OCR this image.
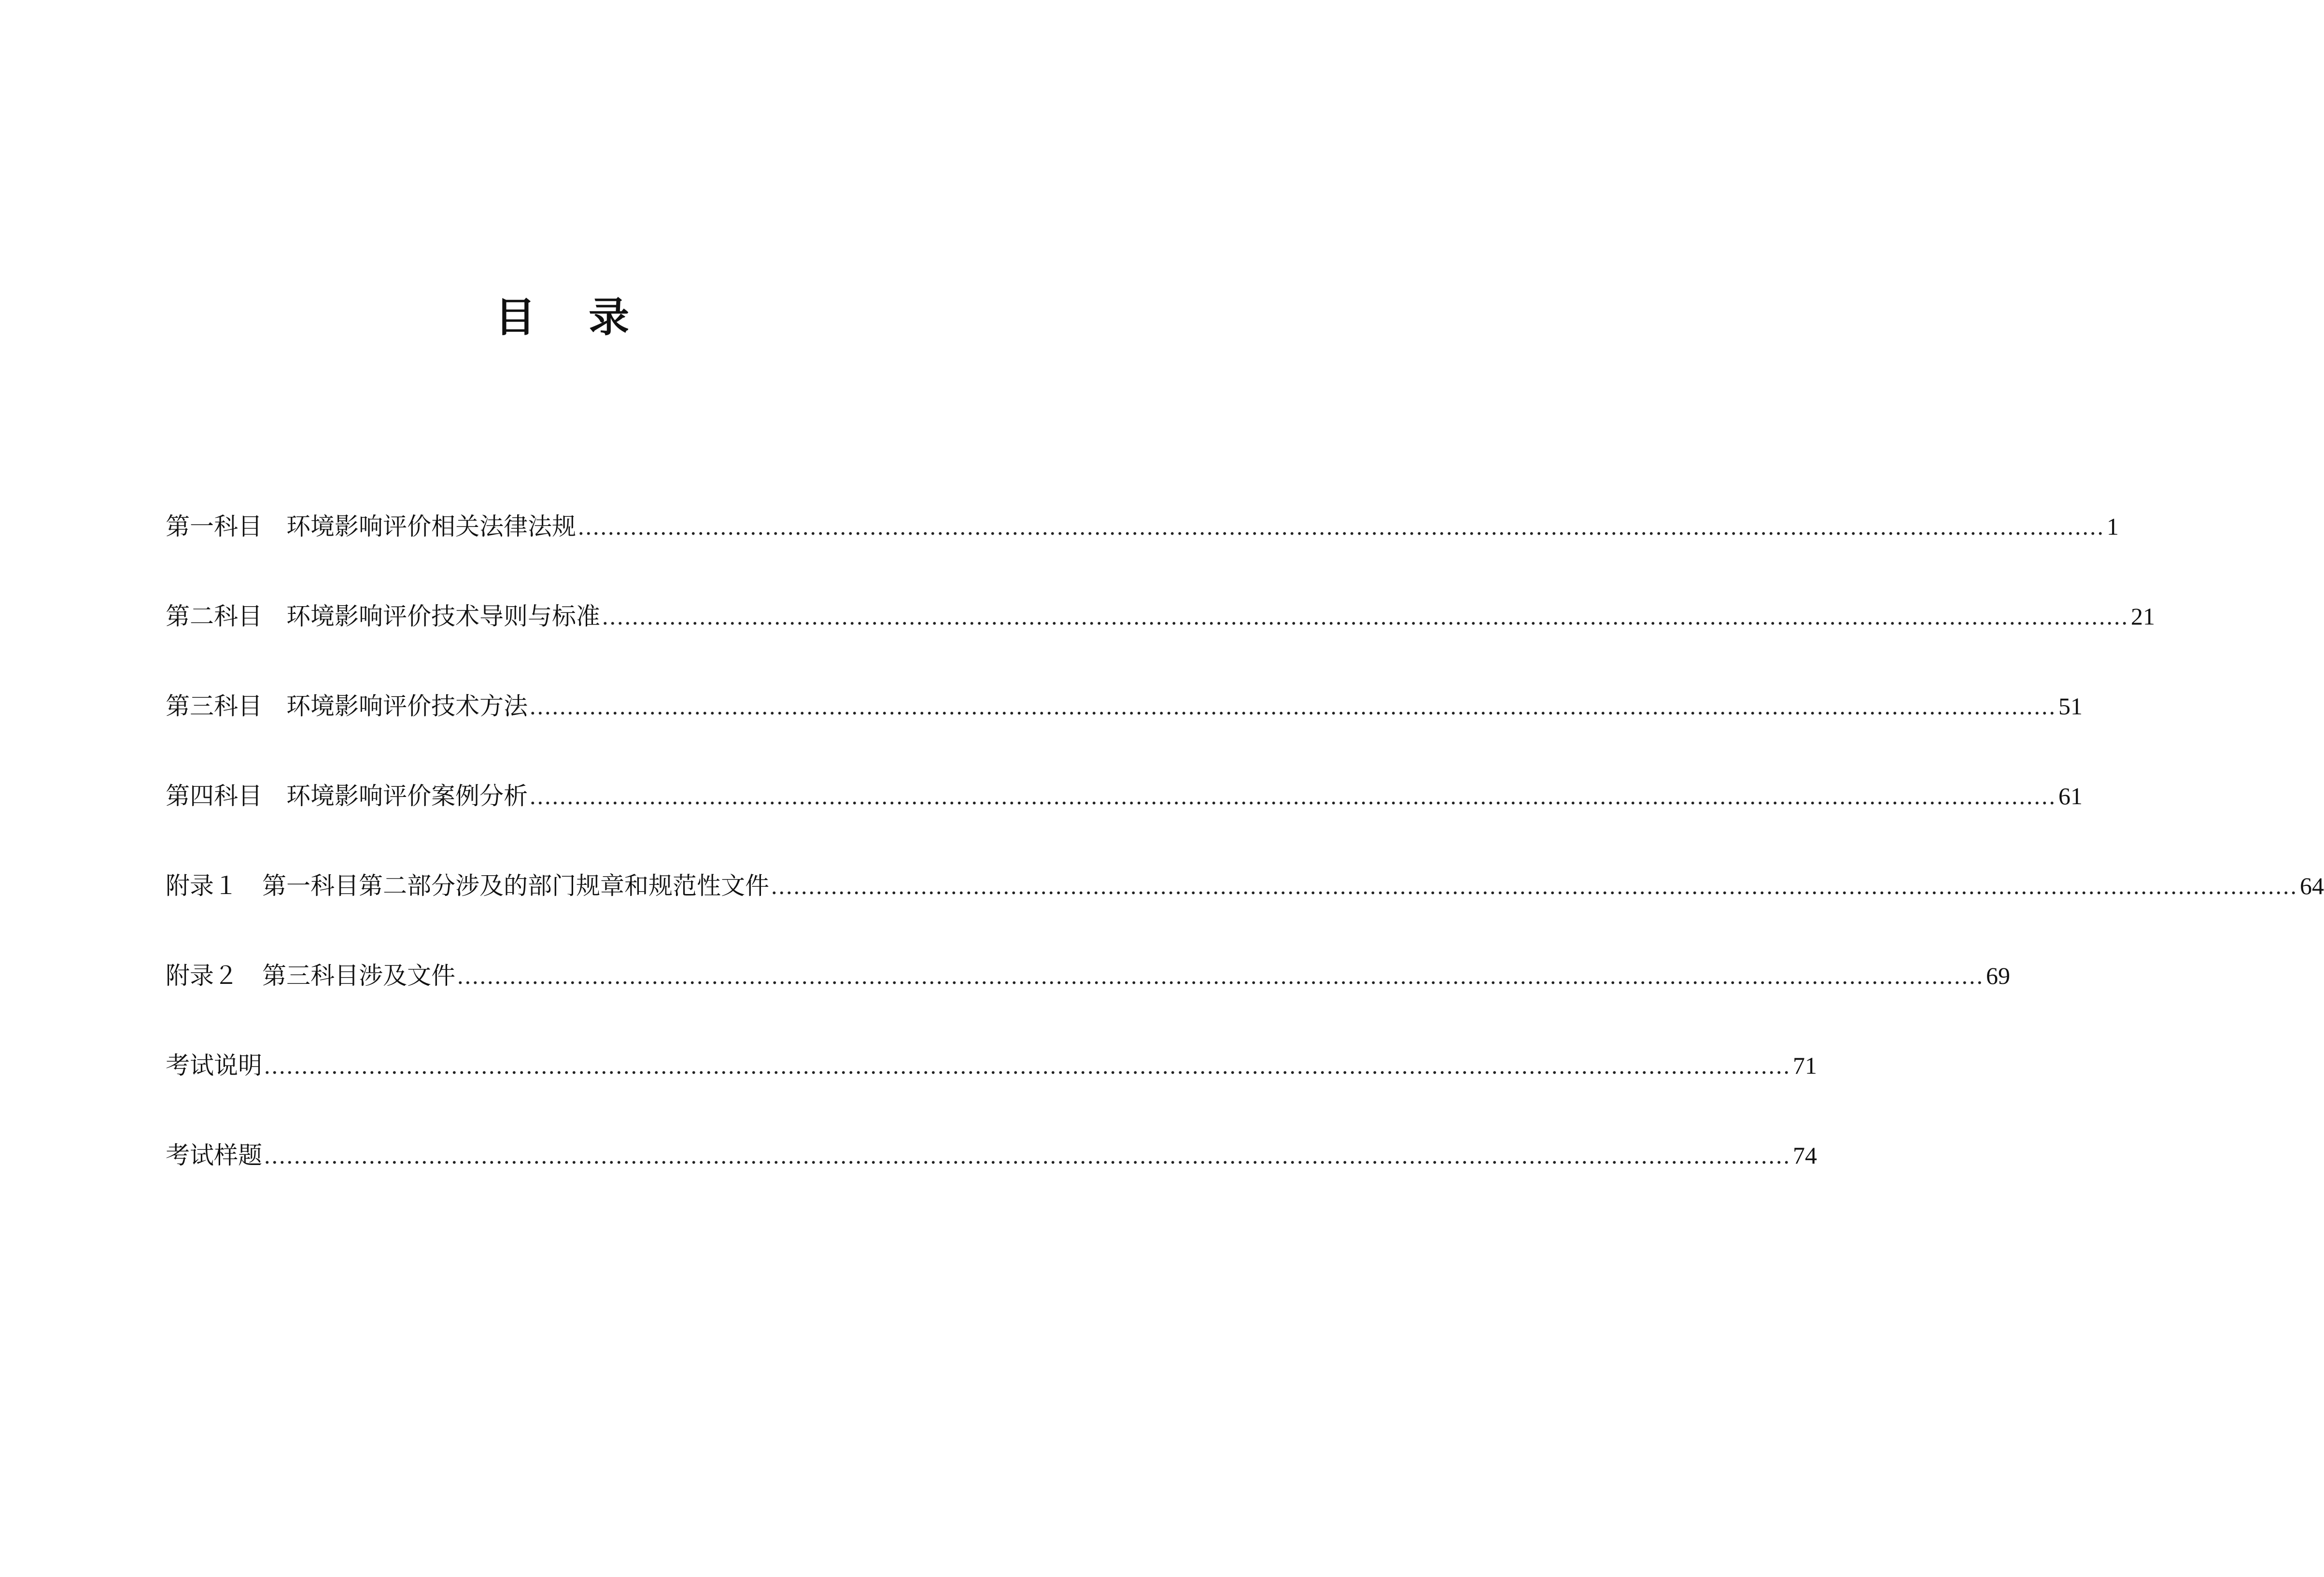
目 录
第一科目　 环境影响评价相关法律法规 ............................................................................................................................................................................................................ 1
第二科目　 环境影响评价技术导则与标准 ............................................................................................................................................................................................................ 21
第三科目　 环境影响评价技术方法 ............................................................................................................................................................................................................ 51
第四科目　 环境影响评价案例分析 ............................................................................................................................................................................................................ 61
附录１　 第一科目第二部分涉及的部门规章和规范性文件 ............................................................................................................................................................................................................ 64
附录２　 第三科目涉及文件 ............................................................................................................................................................................................................ 69
考试说明 ............................................................................................................................................................................................................ 71
考试样题 ............................................................................................................................................................................................................ 74
